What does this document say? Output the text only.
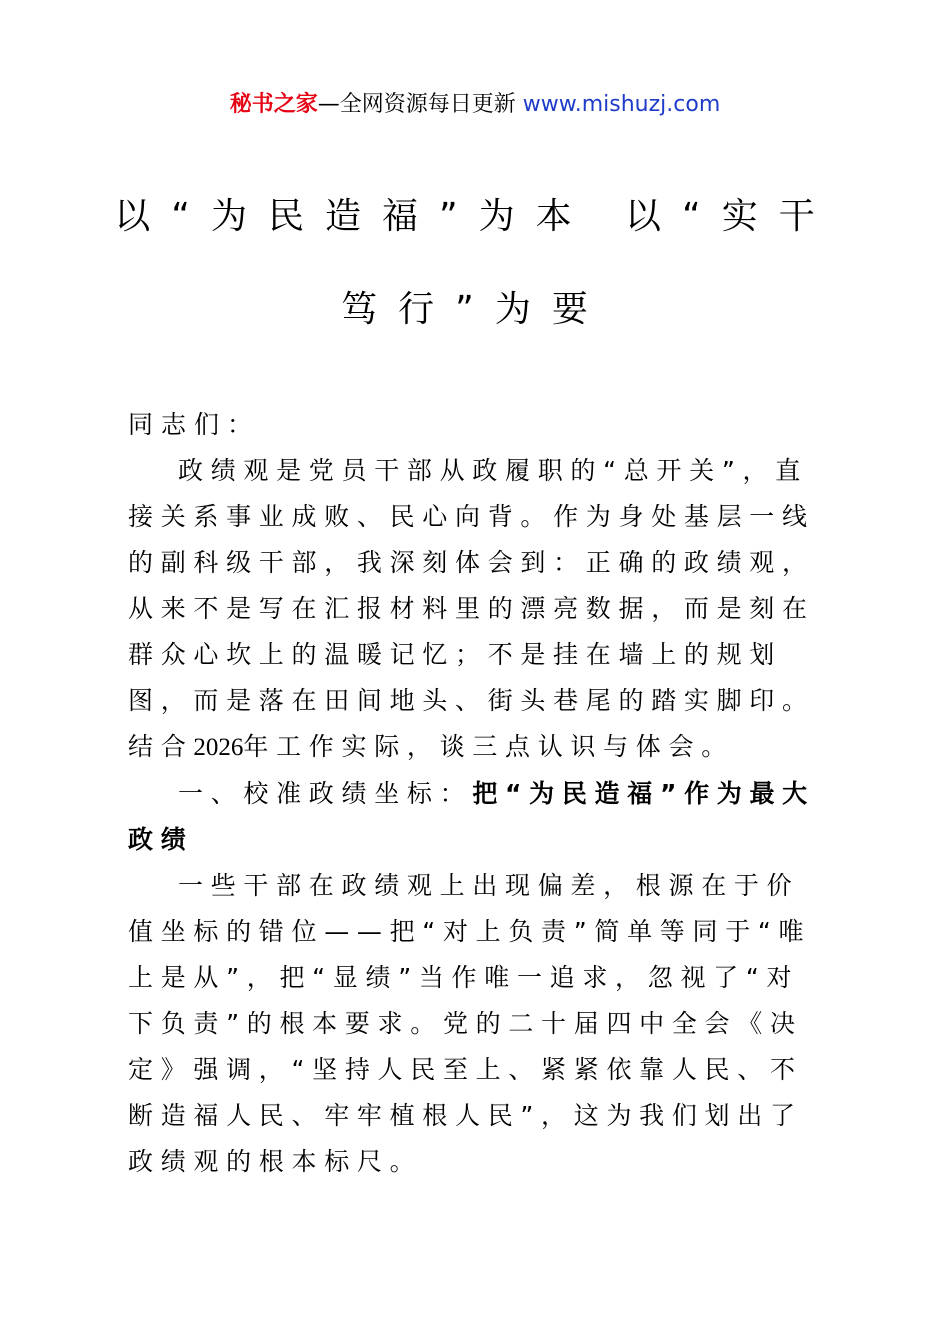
秘书之家—全网资源每日更新 www.mishuzj.com
以“为民造福”为本 以“实干
笃行”为要

同志们：

政绩观是党员干部从政履职的“总开关”，直接关系事业成败、民心向背。作为身处基层一线的副科级干部，我深刻体会到：正确的政绩观，从来不是写在汇报材料里的漂亮数据，而是刻在群众心坎上的温暖记忆；不是挂在墙上的规划图，而是落在田间地头、街头巷尾的踏实脚印。结合2026年工作实际，谈三点认识与体会。

一、校准政绩坐标：把“为民造福”作为最大政绩

一些干部在政绩观上出现偏差，根源在于价值坐标的错位——把“对上负责”简单等同于“唯上是从”，把“显绩”当作唯一追求，忽视了“对下负责”的根本要求。党的二十届四中全会《决定》强调，“坚持人民至上、紧紧依靠人民、不断造福人民、牢牢植根人民”，这为我们划出了政绩观的根本标尺。
